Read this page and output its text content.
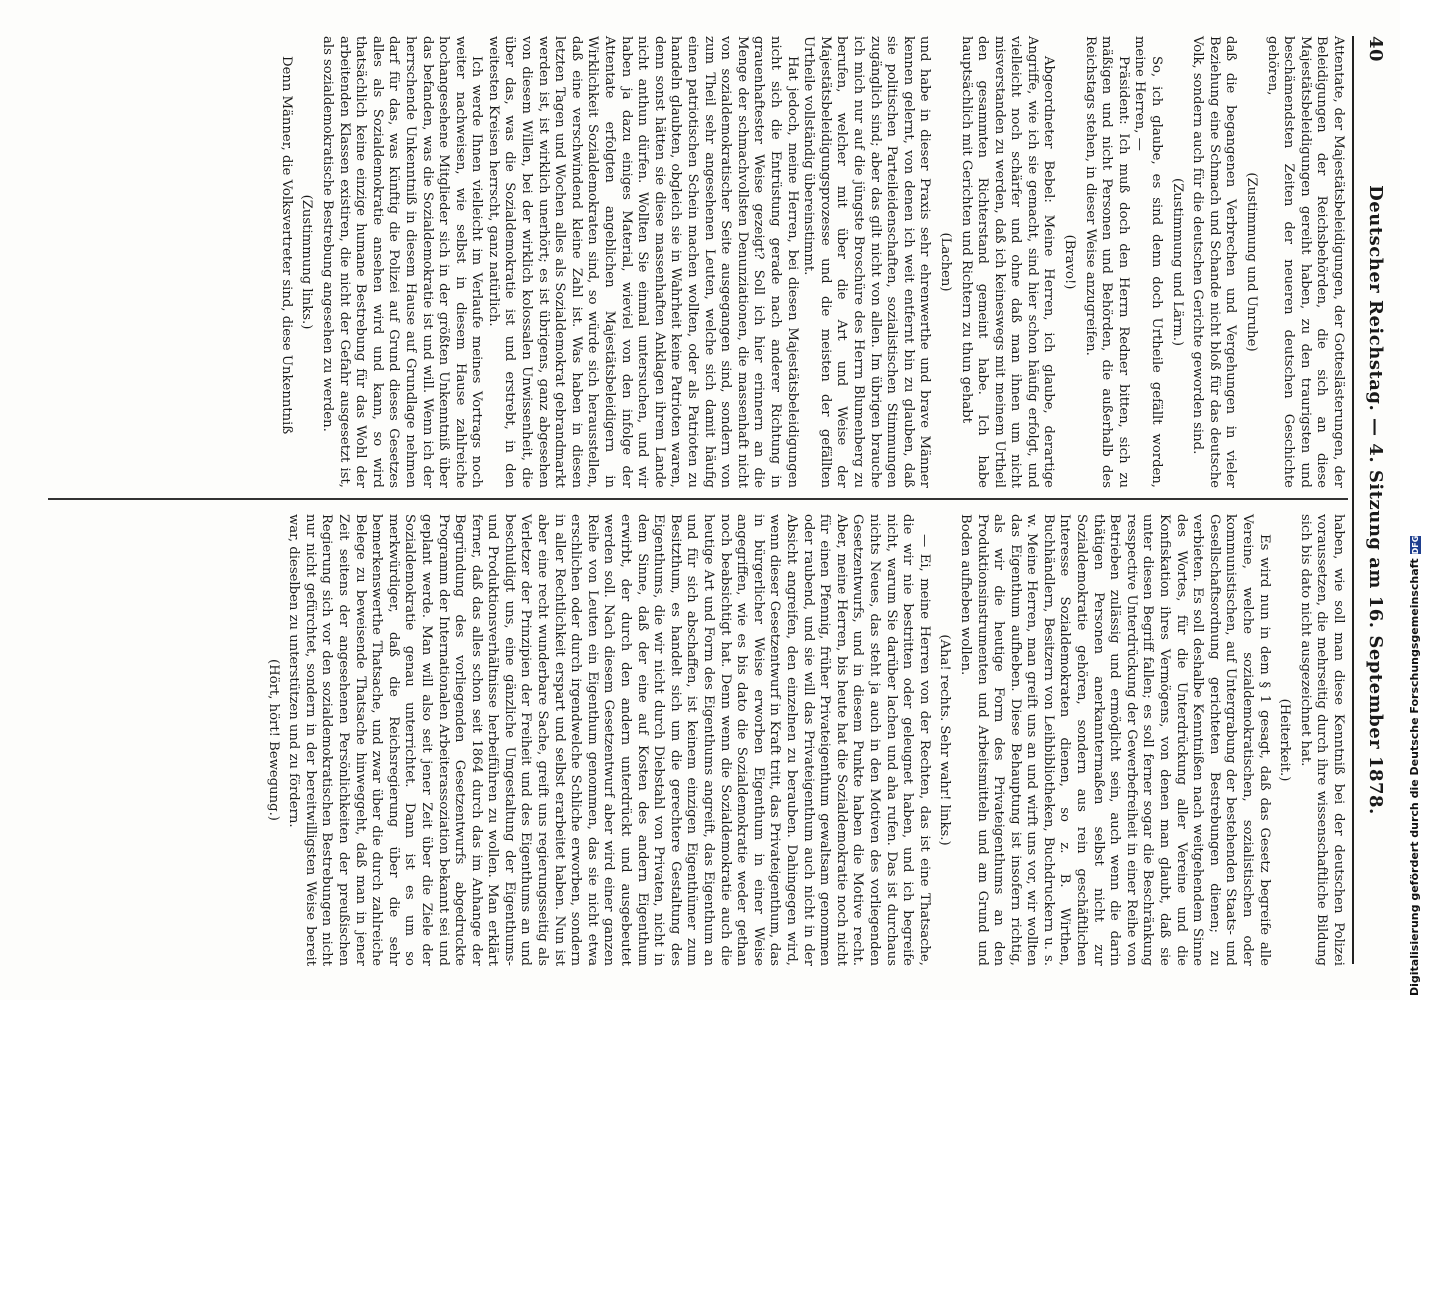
40
Deutscher Reichstag. — 4. Sitzung am 16. September 1878.

Attentate, der Majestätsbeleidigungen, der Gotteslästerungen, der Beleidigungen der Reichsbehörden, die sich an diese Majestätsbeleidigungen gereiht haben, zu den traurigsten und beschämendsten Zeiten der neueren deutschen Geschichte gehören,

(Zustimmung und Unruhe)

daß die begangenen Verbrechen und Vergehungen in vieler Beziehung eine Schmach und Schande nicht bloß für das deutsche Volk, sondern auch für die deutschen Gerichte geworden sind.

(Zustimmung und Lärm.)

So, ich glaube, es sind denn doch Urtheile gefällt worden, meine Herren, —

Präsident: Ich muß doch den Herrn Redner bitten, sich zu mäßigen und nicht Personen und Behörden, die außerhalb des Reichstags stehen, in dieser Weise anzugreifen.

(Bravo!)

Abgeordneter Bebel: Meine Herren, ich glaube, derartige Angriffe, wie ich sie gemacht, sind hier schon häufig erfolgt, und vielleicht noch schärfer und ohne daß man ihnen um nicht misverstanden zu werden, daß ich keineswegs mit meinem Urtheil den gesammten Richterstand gemeint habe. Ich habe hauptsächlich mit Gerichten und Richtern zu thun gehabt

(Lachen)

und habe in dieser Praxis sehr ehrenwerthe und brave Männer kennen gelernt, von denen ich weit entfernt bin zu glauben, daß sie politischen Parteileidenschaften, sozialistischen Stimmungen zugänglich sind; aber das gilt nicht von allen. Im übrigen brauche ich mich nur auf die jüngste Broschüre des Herrn Blumenberg zu berufen, welcher mit über die Art und Weise der Majestätsbeleidigungsprozesse und die meisten der gefällten Urtheile vollständig übereinstimmt.

Hat jedoch, meine Herren, bei diesen Majestätsbeleidigungen nicht sich die Entrüstung gerade nach anderer Richtung in grauenhaftester Weise gezeigt? Soll ich hier erinnern an die Menge der schmachvollsten Denunziationen, die massenhaft nicht von sozialdemokratischer Seite ausgegangen sind, sondern von zum Theil sehr angesehenen Leuten, welche sich damit häufig einen patriotischen Schein machen wollten, oder als Patrioten zu handeln glaubten, obgleich sie in Wahrheit keine Patrioten waren, denn sonst hätten sie diese massenhaften Anklagen ihrem Lande nicht anthun dürfen. Wollten Sie einmal untersuchen, und wir haben ja dazu einiges Material, wieviel von den infolge der Attentate erfolgten angeblichen Majestätsbeleidigern in Wirklichkeit Sozialdemokraten sind, so würde sich herausstellen, daß eine verschwindend kleine Zahl ist. Was haben in diesen letzten Tagen und Wochen alles als Sozialdemokrat gebrandmarkt werden ist, ist wirklich unerhört; es ist übrigens, ganz abgesehen von diesem Willen, bei der wirklich kolossalen Unwissenheit, die über das, was die Sozialdemokratie ist und erstrebt, in den weitesten Kreisen herrscht, ganz natürlich.

Ich werde Ihnen vielleicht im Verlaufe meines Vortrags noch weiter nachweisen, wie selbst in diesem Hause zahlreiche hochangesehene Mitglieder sich in der größten Unkenntniß über das befanden, was die Sozialdemokratie ist und will. Wenn ich der herrschende Unkenntniß in diesem Hause auf Grundlage nehmen darf für das, was künftig die Polizei auf Grund dieses Gesetzes alles als Sozialdemokratie ansehen wird und kann, so wird thatsächlich keine einzige humane Bestrebung für das Wohl der arbeitenden Klassen existiren, die nicht der Gefahr ausgesetzt ist, als sozialdemokratische Bestrebung angesehen zu werden.

(Zustimmung links.)

Denn Männer, die Volksvertreter sind, diese Unkenntniß

haben, wie soll man diese Kenntniß bei der deutschen Polizei voraussetzen, die mehrseitig durch ihre wissenschaftliche Bildung sich bis dato nicht ausgezeichnet hat.

(Heiterkeit.)

Es wird nun in dem § 1 gesagt, daß das Gesetz begreife alle Vereine, welche sozialdemokratischen, sozialistischen oder kommunistischen, auf Untergrabung der bestehenden Staats- und Gesellschaftsordnung gerichteten Bestrebungen dienen; zu verbieten. Es soll deshalbe Kenntnißen nach weitgehendem Sinne des Wortes, für die Unterdrückung aller Vereine und die Konfiskation ihres Vermögens, von denen man glaubt, daß sie unter diesen Begriff fallen; es soll ferner sogar die Beschränkung resspective Unterdrückung der Gewerbefreiheit in einer Reihe von Betrieben zulässig und ermöglicht sein, auch wenn die darin thätigen Personen anerkanntermaßen selbst nicht zur Sozialdemokratie gehören, sondern aus rein geschäftlichen Interesse Sozialdemokraten dienen, so z. B. Wirthen, Buchhändlern, Besitzern von Leihbibliotheken, Buchdruckern u. s. w. Meine Herren, man greift uns an und wirft uns vor, wir wollten das Eigenthum aufheben. Diese Behauptung ist insofern richtig, als wir die heutige Form des Privateigenthums an den Produktionsinstrumenten und Arbeitsmitteln und am Grund und Boden aufheben wollen.

(Aha! rechts. Sehr wahr! links.)

— Ei, meine Herren von der Rechten, das ist eine Thatsache, die wir nie bestritten oder geleugnet haben, und ich begreife nicht, warum Sie darüber lachen und aha rufen. Das ist durchaus nichts Neues, das steht ja auch in den Motiven des vorliegenden Gesetzentwurfs, und in diesem Punkte haben die Motive recht. Aber, meine Herren, bis heute hat die Sozialdemokratie noch nicht für einen Pfennig, früher Privateigenthum gewaltsam genommen oder raubend, und sie will das Privateigenthum auch nicht in der Absicht angreifen, den einzelnen zu berauben. Dahingegen wird, wenn dieser Gesetzentwurf in Kraft tritt, das Privateigenthum, das in bürgerlicher Weise erworben Eigenthum in einer Weise angegriffen, wie es bis dato die Sozialdemokratie weder gethan noch beabsichtigt hat. Denn wenn die Sozialdemokratie auch die heutige Art und Form des Eigenthums angreift, das Eigenthum an und für sich abschaffen, ist keinem einzigen Eigenthümer zum Besitzthum, es handelt sich um die gerechtere Gestaltung des Eigenthums, die wir nicht durch Diebstahl von Privaten, nicht in dem Sinne, daß der eine auf Kosten des andern Eigenthum erwirbt, der durch den andern unterdrückt und ausgebeutet werden soll. Nach diesem Gesetzentwurf aber wird einer ganzen Reihe von Leuten ein Eigenthum genommen, das sie nicht etwa erschlichen oder durch irgendwelche Schliche erworben, sondern in aller Rechtlichkeit erspart und selbst erarbeitet haben. Nun ist aber eine recht wunderbare Sache, greift uns regierungsseitig als Verletzer der Prinzipien der Freiheit und des Eigenthums an und beschuldigt uns, eine gänzliche Umgestaltung der Eigenthums- und Produktionsverhältnisse herbeiführen zu wollen. Man erklärt ferner, daß das alles schon seit 1864 durch das im Anhange der Begründung des vorliegenden Gesetzentwurfs abgedruckte Programm der Internationalen Arbeiterassoziation bekannt sei und geplant werde. Man will also seit jener Zeit über die Ziele der Sozialdemokratie genau unterrichtet. Dann ist es um so merkwürdiger, daß die Reichsregierung über die sehr bemerkenswerthe Thatsache, und zwar über die durch zahlreiche Belege zu beweisende Thatsache hinweggeht, daß man in jener Zeit seitens der angesehenen Persönlichkeiten der preußischen Regierung sich vor den sozialdemokratischen Bestrebungen nicht nur nicht gefürchtet, sondern in der bereitwilligsten Weise bereit war, dieselben zu unterstützen und zu fördern.

(Hört, hört! Bewegung.)	Digitalisierung gefördert durch die Deutsche ForschungsgemeinschaftDFG
